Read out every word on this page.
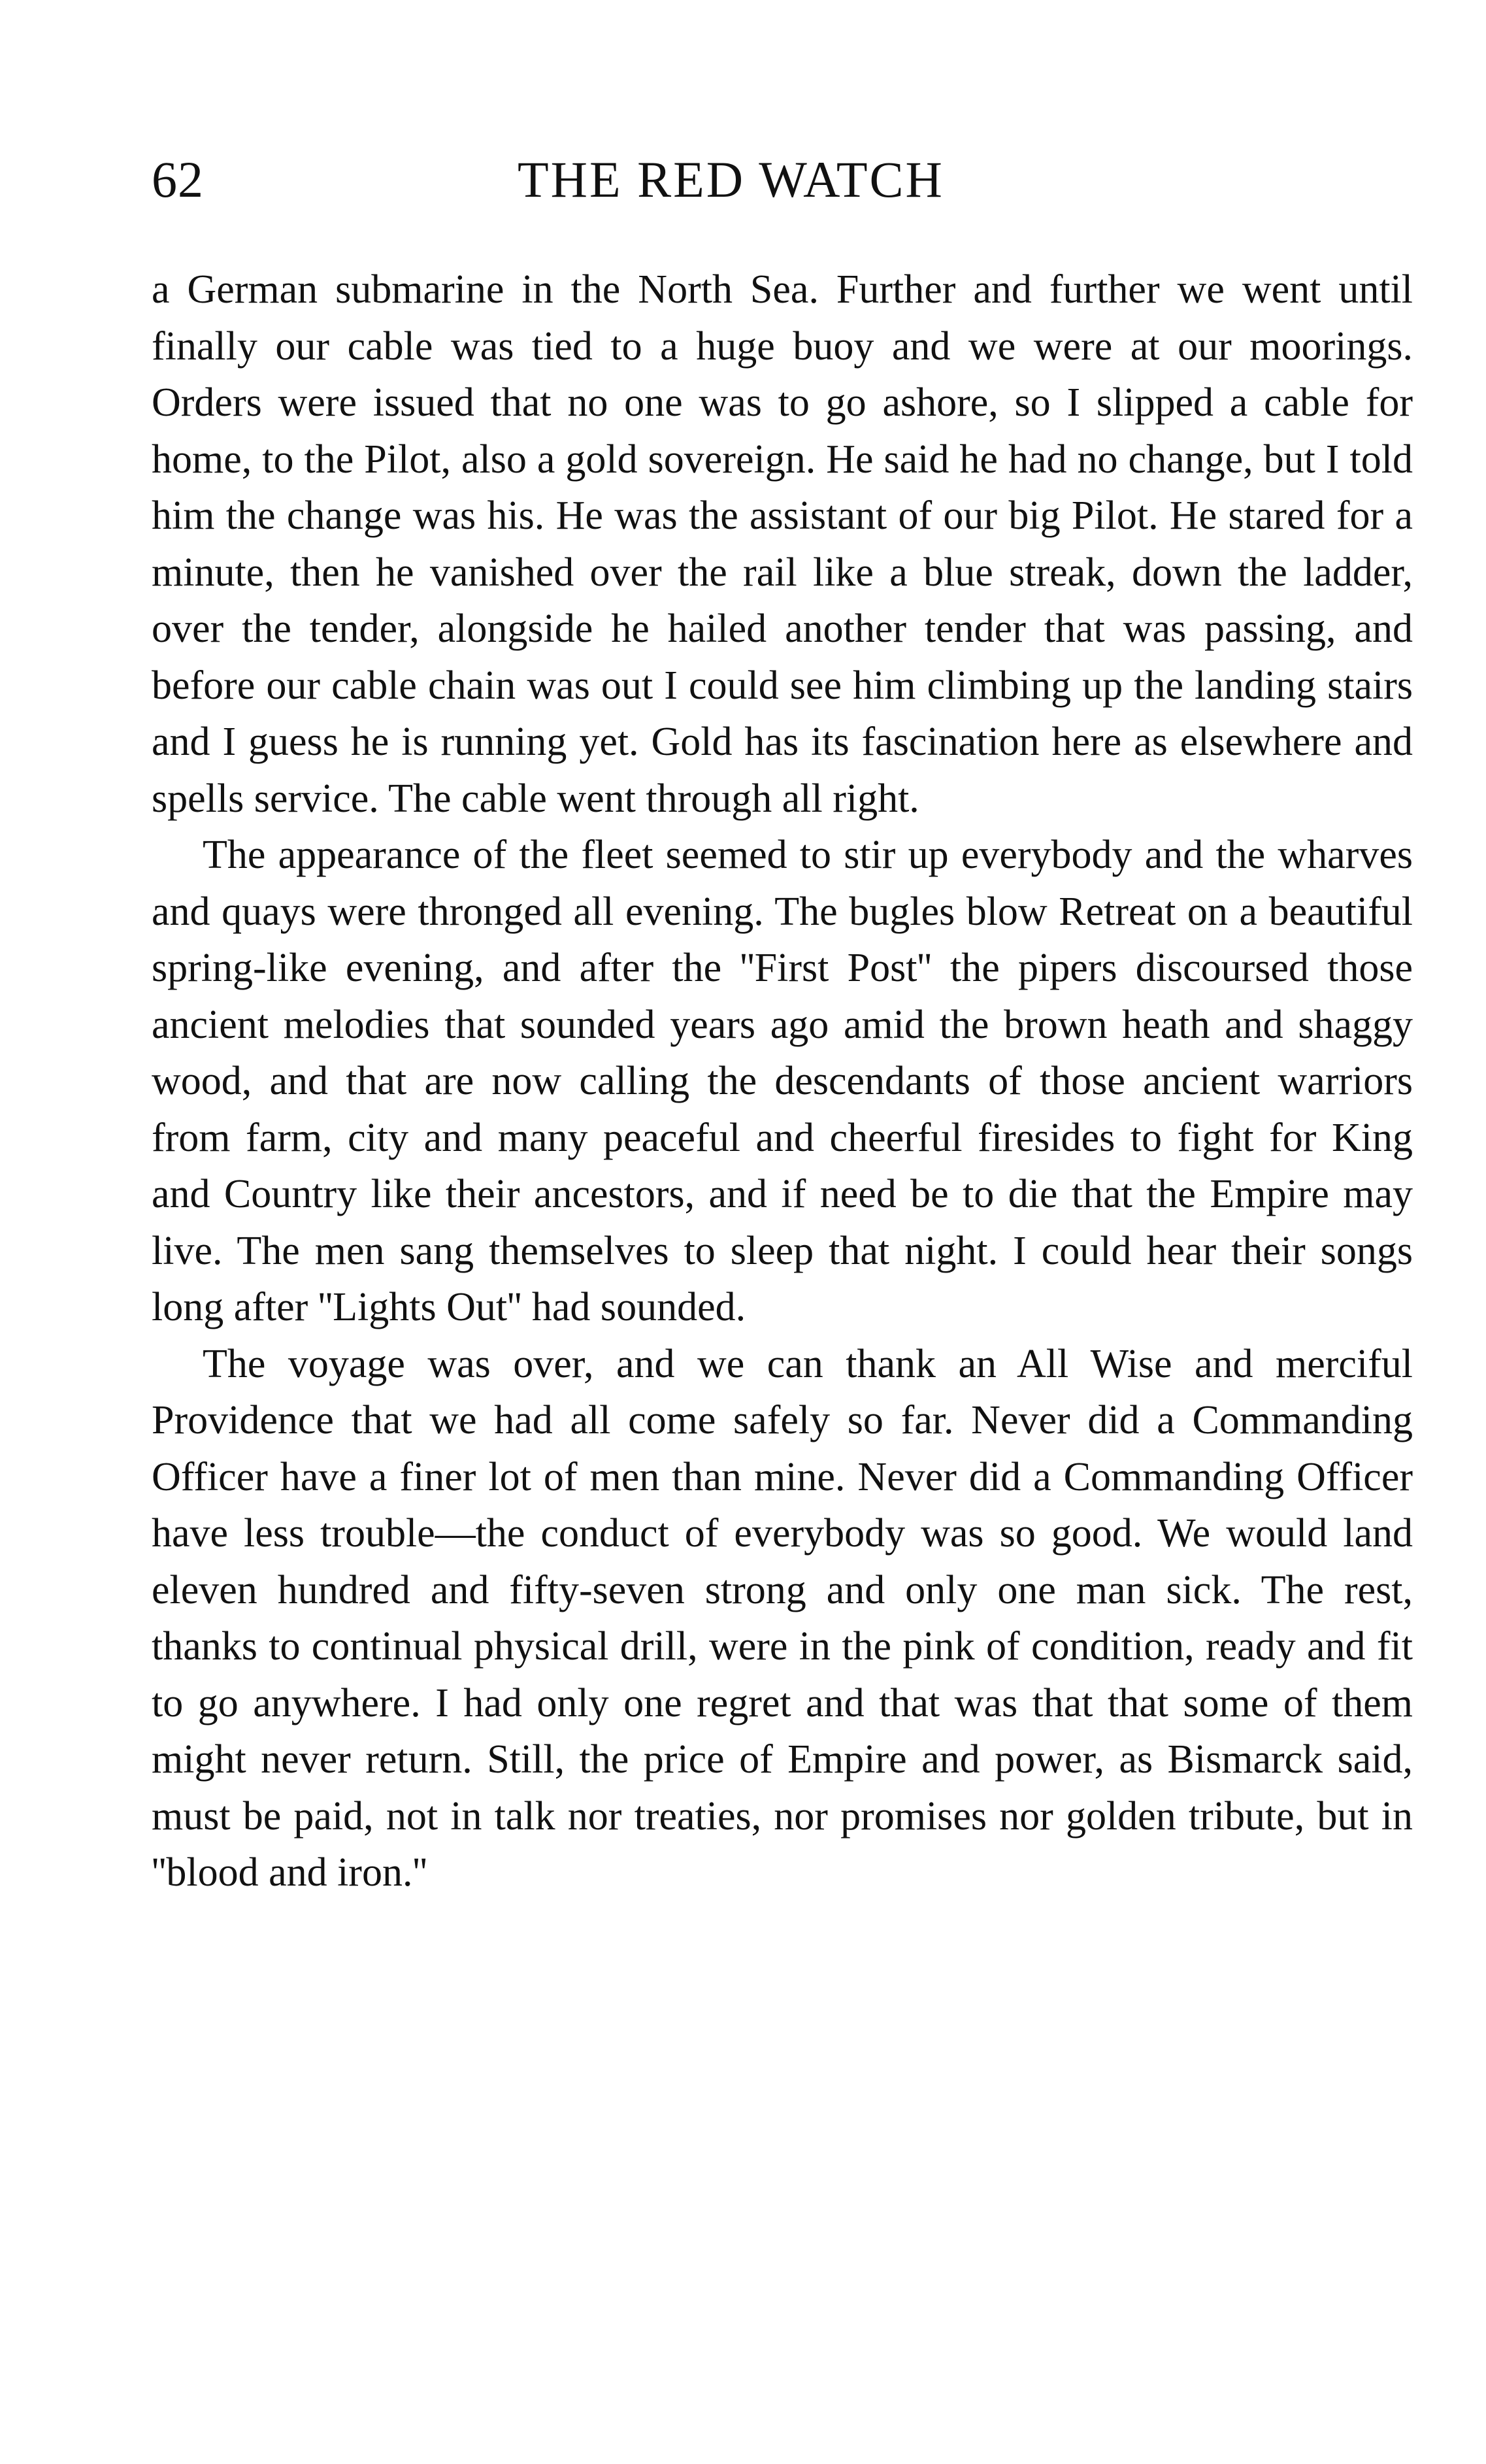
62	THE RED WATCH

a German submarine in the North Sea. Further and further we went until finally our cable was tied to a huge buoy and we were at our moorings. Orders were issued that no one was to go ashore, so I slipped a cable for home, to the Pilot, also a gold sovereign. He said he had no change, but I told him the change was his. He was the assistant of our big Pilot. He stared for a minute, then he vanished over the rail like a blue streak, down the ladder, over the tender, alongside he hailed another tender that was passing, and before our cable chain was out I could see him climbing up the landing stairs and I guess he is running yet. Gold has its fascination here as elsewhere and spells service. The cable went through all right.

The appearance of the fleet seemed to stir up everybody and the wharves and quays were thronged all evening. The bugles blow Retreat on a beautiful spring-like evening, and after the ''First Post'' the pipers discoursed those ancient melodies that sounded years ago amid the brown heath and shaggy wood, and that are now calling the descendants of those ancient warriors from farm, city and many peaceful and cheerful firesides to fight for King and Country like their ancestors, and if need be to die that the Empire may live. The men sang themselves to sleep that night. I could hear their songs long after ''Lights Out'' had sounded.

The voyage was over, and we can thank an All Wise and merciful Providence that we had all come safely so far. Never did a Commanding Officer have a finer lot of men than mine. Never did a Commanding Officer have less trouble—the conduct of everybody was so good. We would land eleven hundred and fifty-seven strong and only one man sick. The rest, thanks to continual physical drill, were in the pink of condition, ready and fit to go anywhere. I had only one regret and that was that that some of them might never return. Still, the price of Empire and power, as Bismarck said, must be paid, not in talk nor treaties, nor promises nor golden tribute, but in ''blood and iron.''
